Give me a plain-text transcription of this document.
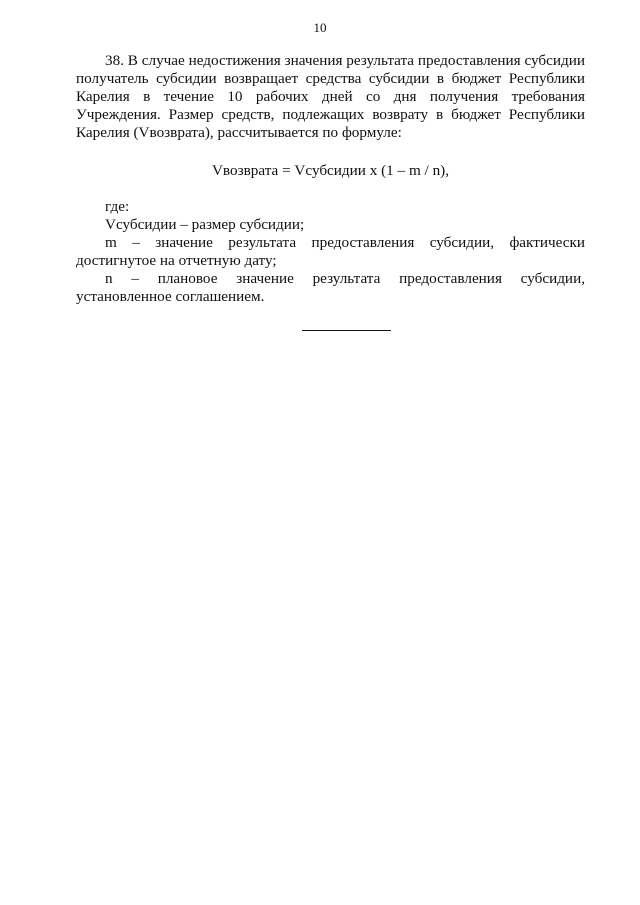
10

38. В случае недостижения значения результата предоставления субсидии получатель субсидии возвращает средства субсидии в бюджет Республики Карелия в течение 10 рабочих дней со дня получения требования Учреждения. Размер средств, подлежащих возврату в бюджет Республики Карелия (Vвозврата), рассчитывается по формуле:

Vвозврата = Vсубсидии x (1 – m / n),

где:

Vсубсидии – размер субсидии;

m – значение результата предоставления субсидии, фактически достигнутое на отчетную дату;

n – плановое значение результата предоставления субсидии, установленное соглашением.
